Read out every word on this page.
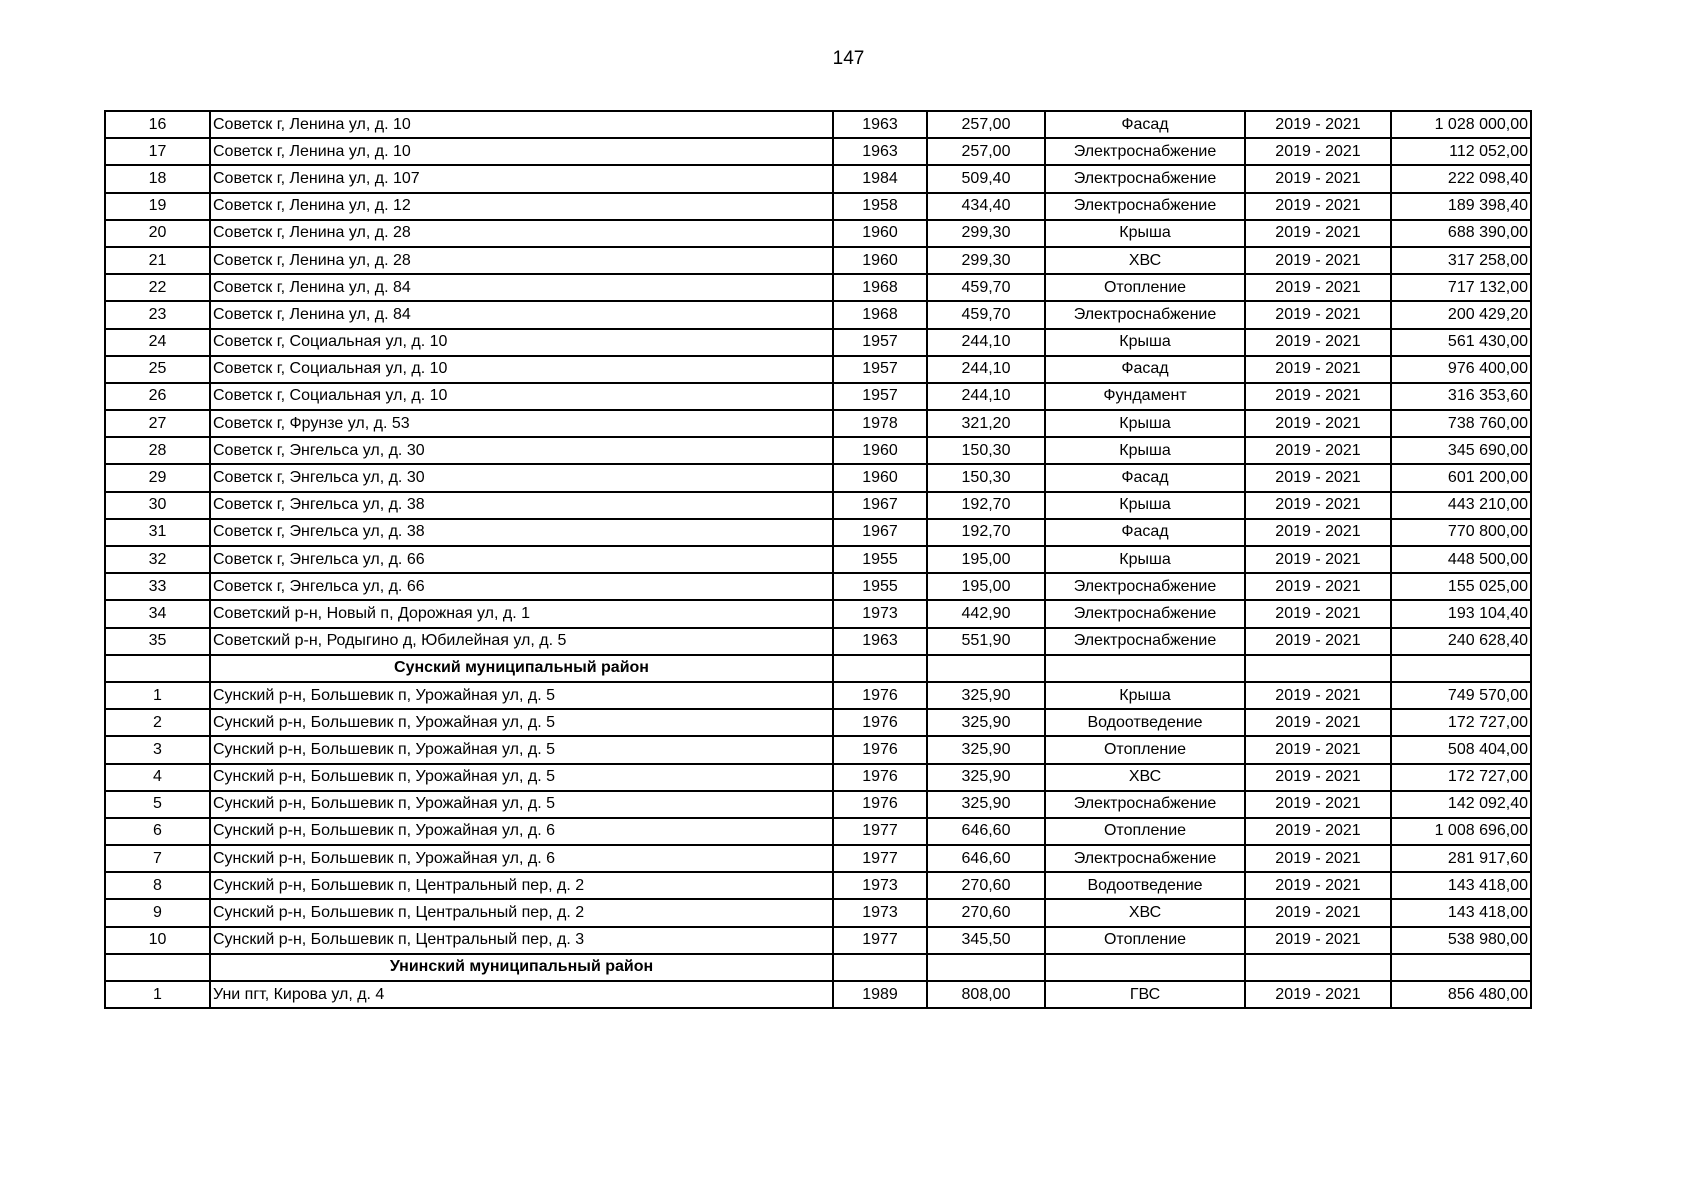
147
16	Советск г, Ленина ул, д. 10	1963	257,00	Фасад	2019 - 2021	1 028 000,00
17	Советск г, Ленина ул, д. 10	1963	257,00	Электроснабжение	2019 - 2021	112 052,00
18	Советск г, Ленина ул, д. 107	1984	509,40	Электроснабжение	2019 - 2021	222 098,40
19	Советск г, Ленина ул, д. 12	1958	434,40	Электроснабжение	2019 - 2021	189 398,40
20	Советск г, Ленина ул, д. 28	1960	299,30	Крыша	2019 - 2021	688 390,00
21	Советск г, Ленина ул, д. 28	1960	299,30	ХВС	2019 - 2021	317 258,00
22	Советск г, Ленина ул, д. 84	1968	459,70	Отопление	2019 - 2021	717 132,00
23	Советск г, Ленина ул, д. 84	1968	459,70	Электроснабжение	2019 - 2021	200 429,20
24	Советск г, Социальная ул, д. 10	1957	244,10	Крыша	2019 - 2021	561 430,00
25	Советск г, Социальная ул, д. 10	1957	244,10	Фасад	2019 - 2021	976 400,00
26	Советск г, Социальная ул, д. 10	1957	244,10	Фундамент	2019 - 2021	316 353,60
27	Советск г, Фрунзе ул, д. 53	1978	321,20	Крыша	2019 - 2021	738 760,00
28	Советск г, Энгельса ул, д. 30	1960	150,30	Крыша	2019 - 2021	345 690,00
29	Советск г, Энгельса ул, д. 30	1960	150,30	Фасад	2019 - 2021	601 200,00
30	Советск г, Энгельса ул, д. 38	1967	192,70	Крыша	2019 - 2021	443 210,00
31	Советск г, Энгельса ул, д. 38	1967	192,70	Фасад	2019 - 2021	770 800,00
32	Советск г, Энгельса ул, д. 66	1955	195,00	Крыша	2019 - 2021	448 500,00
33	Советск г, Энгельса ул, д. 66	1955	195,00	Электроснабжение	2019 - 2021	155 025,00
34	Советский р-н, Новый п, Дорожная ул, д. 1	1973	442,90	Электроснабжение	2019 - 2021	193 104,40
35	Советский р-н, Родыгино д, Юбилейная ул, д. 5	1963	551,90	Электроснабжение	2019 - 2021	240 628,40
	Сунский муниципальный район					
1	Сунский р-н, Большевик п, Урожайная ул, д. 5	1976	325,90	Крыша	2019 - 2021	749 570,00
2	Сунский р-н, Большевик п, Урожайная ул, д. 5	1976	325,90	Водоотведение	2019 - 2021	172 727,00
3	Сунский р-н, Большевик п, Урожайная ул, д. 5	1976	325,90	Отопление	2019 - 2021	508 404,00
4	Сунский р-н, Большевик п, Урожайная ул, д. 5	1976	325,90	ХВС	2019 - 2021	172 727,00
5	Сунский р-н, Большевик п, Урожайная ул, д. 5	1976	325,90	Электроснабжение	2019 - 2021	142 092,40
6	Сунский р-н, Большевик п, Урожайная ул, д. 6	1977	646,60	Отопление	2019 - 2021	1 008 696,00
7	Сунский р-н, Большевик п, Урожайная ул, д. 6	1977	646,60	Электроснабжение	2019 - 2021	281 917,60
8	Сунский р-н, Большевик п, Центральный пер, д. 2	1973	270,60	Водоотведение	2019 - 2021	143 418,00
9	Сунский р-н, Большевик п, Центральный пер, д. 2	1973	270,60	ХВС	2019 - 2021	143 418,00
10	Сунский р-н, Большевик п, Центральный пер, д. 3	1977	345,50	Отопление	2019 - 2021	538 980,00
	Унинский муниципальный район					
1	Уни пгт, Кирова ул, д. 4	1989	808,00	ГВС	2019 - 2021	856 480,00
